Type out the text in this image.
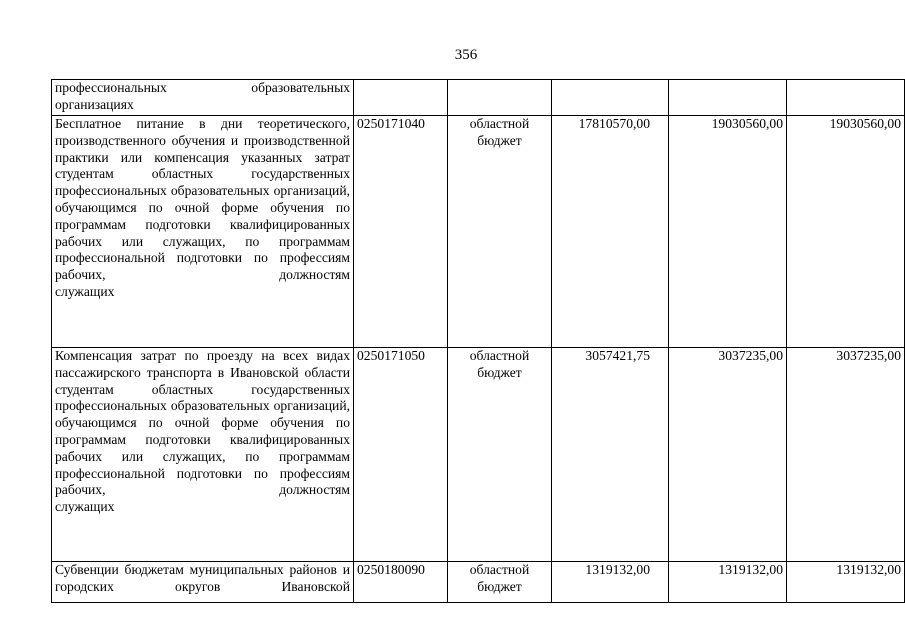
356
профессиональных образовательных
организациях					

Бесплатное питание в дни теоретического, производственного обучения и производственной практики или компенсация указанных затрат студентам областных государственных профессиональных образовательных организаций, обучающимся по очной форме обучения по программам подготовки квалифицированных рабочих или служащих, по программам профессиональной подготовки по профессиям рабочих, должностям
служащих	0250171040	областной бюджет	17810570,00	19030560,00	19030560,00
Компенсация затрат по проезду на всех видах пассажирского транспорта в Ивановской области студентам областных государственных профессиональных образовательных организаций, обучающимся по очной форме обучения по программам подготовки квалифицированных рабочих или служащих, по программам профессиональной подготовки по профессиям рабочих, должностям
служащих	0250171050	областной бюджет	3057421,75	3037235,00	3037235,00
Субвенции бюджетам муниципальных районов и городских округов Ивановской	0250180090	областной бюджет	1319132,00	1319132,00	1319132,00
